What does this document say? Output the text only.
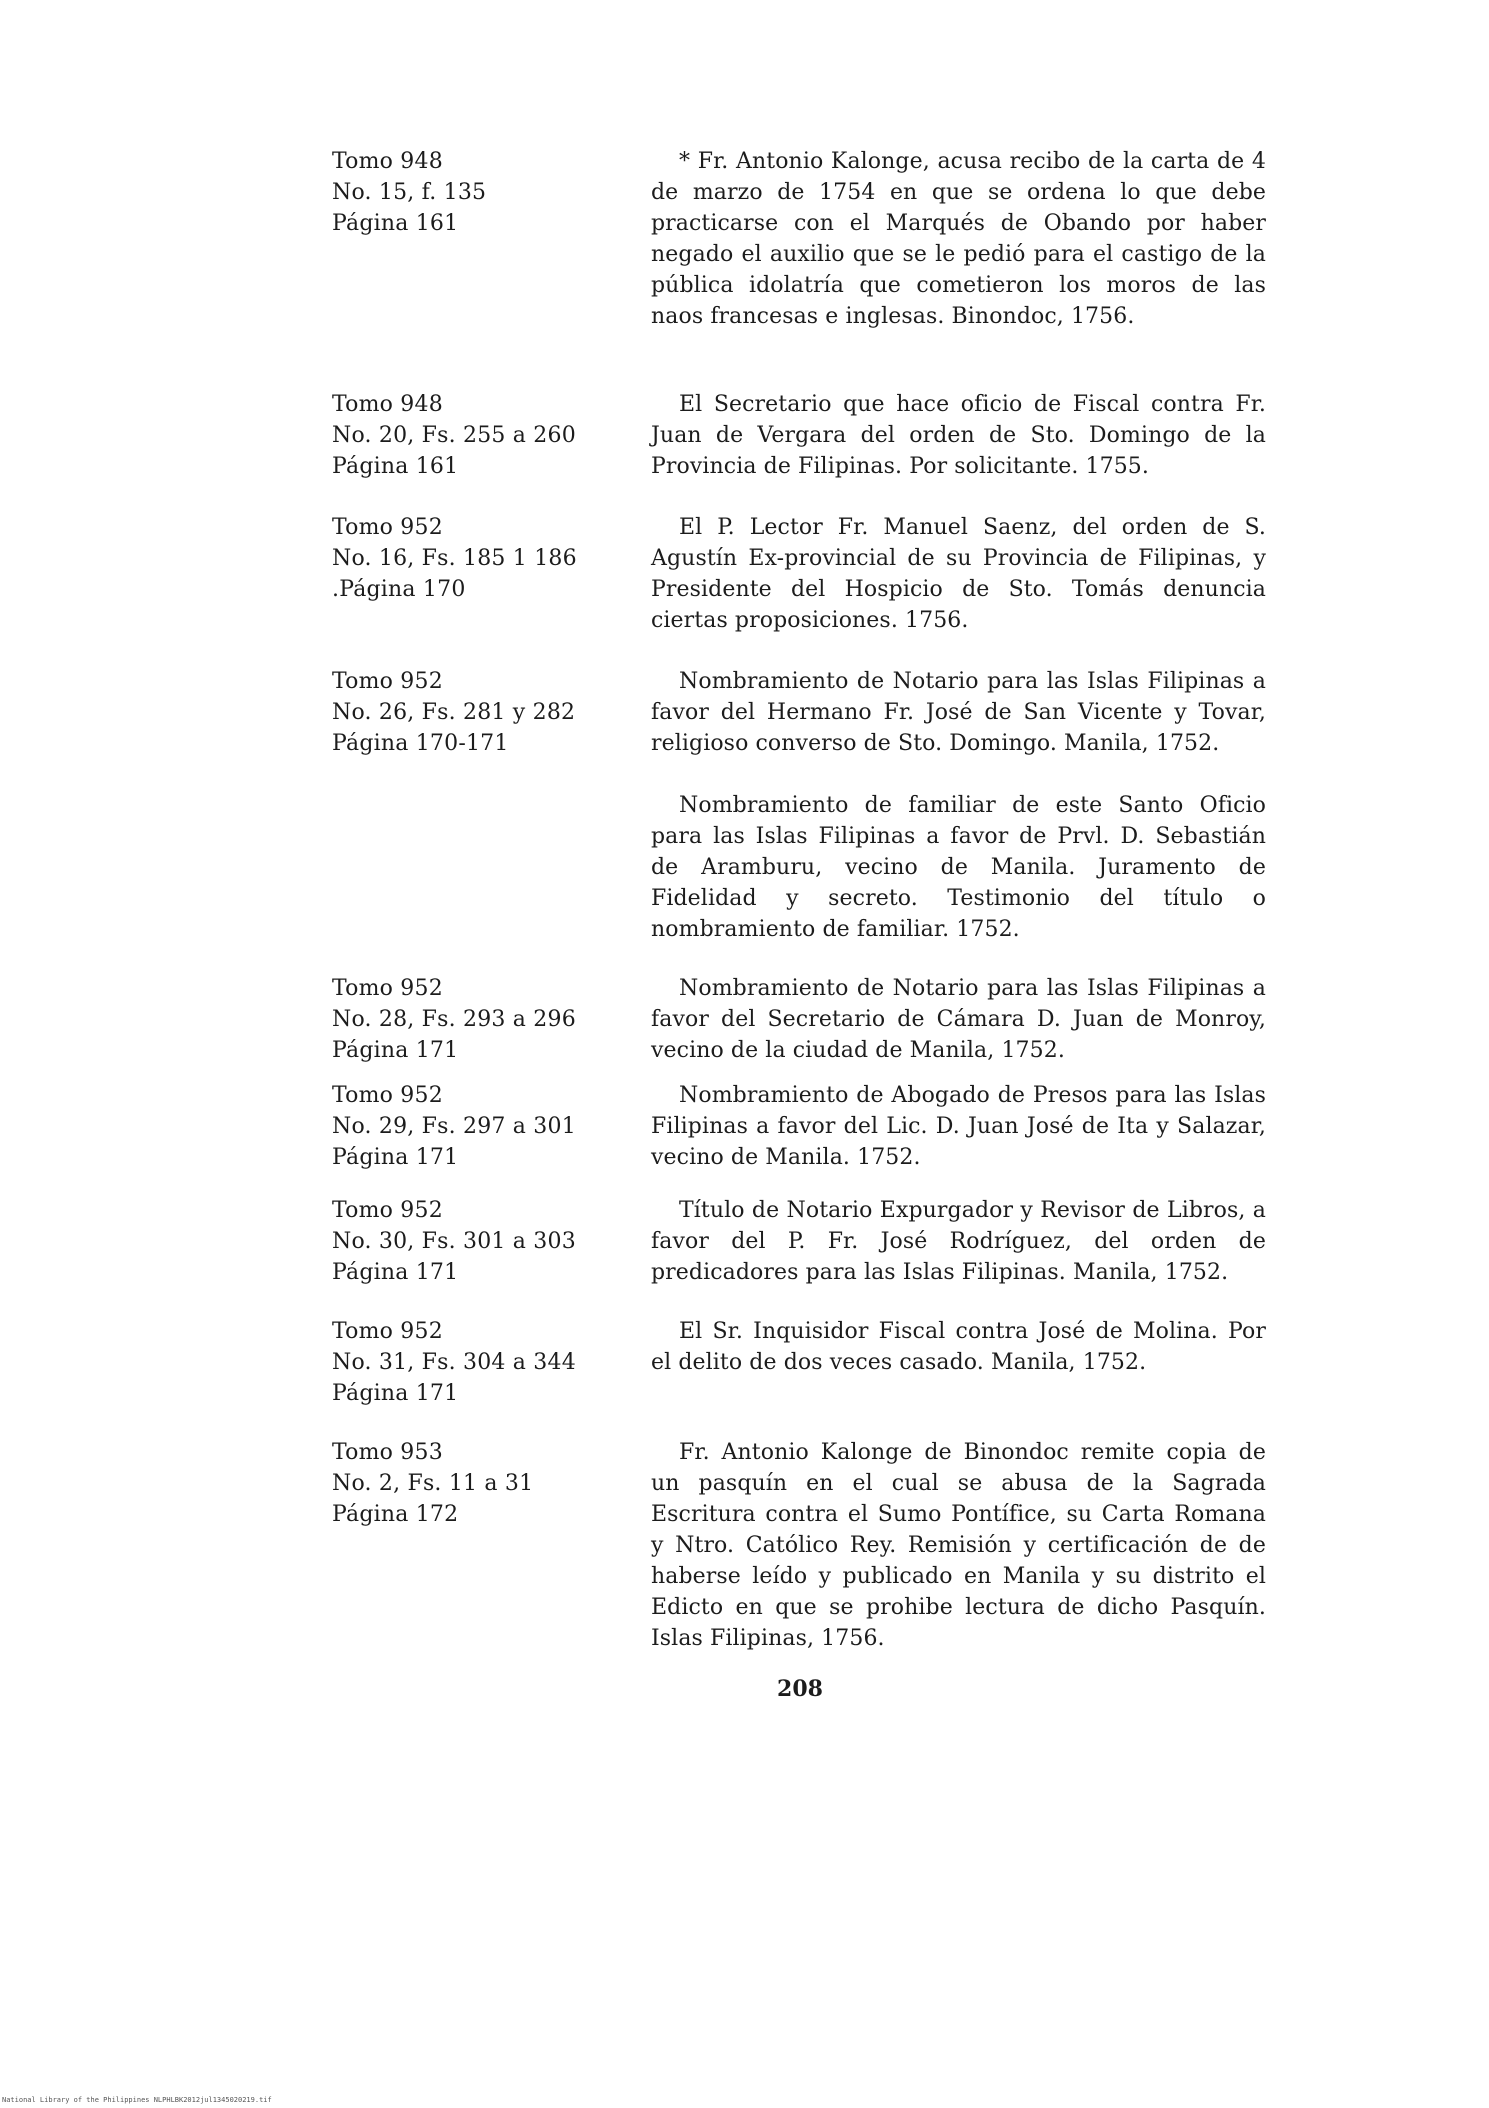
Tomo 948
No. 15, f. 135
Página 161
* Fr. Antonio Kalonge, acusa recibo de la carta de 4 de marzo de 1754 en que se ordena lo que debe practicarse con el Marqués de Obando por haber negado el auxilio que se le pedió para el castigo de la pública idolatría que cometieron los moros de las naos francesas e inglesas. Binondoc, 1756.
Tomo 948
No. 20, Fs. 255 a 260
Página 161
El Secretario que hace oficio de Fiscal contra Fr. Juan de Vergara del orden de Sto. Domingo de la Provincia de Filipinas. Por solicitante. 1755.
Tomo 952
No. 16, Fs. 185 1 186
.Página 170
El P. Lector Fr. Manuel Saenz, del orden de S. Agustín Ex-provincial de su Provincia de Filipinas, y Presidente del Hospicio de Sto. Tomás denuncia ciertas proposiciones. 1756.
Tomo 952
No. 26, Fs. 281 y 282
Página 170-171
Nombramiento de Notario para las Islas Filipinas a favor del Hermano Fr. José de San Vicente y Tovar, religioso converso de Sto. Domingo. Manila, 1752.
Nombramiento de familiar de este Santo Oficio para las Islas Filipinas a favor de Prvl. D. Sebastián de Aramburu, vecino de Manila. Juramento de Fidelidad y secreto. Testimonio del título o nombramiento de familiar. 1752.
Tomo 952
No. 28, Fs. 293 a 296
Página 171
Nombramiento de Notario para las Islas Filipinas a favor del Secretario de Cámara D. Juan de Monroy, vecino de la ciudad de Manila, 1752.
Tomo 952
No. 29, Fs. 297 a 301
Página 171
Nombramiento de Abogado de Presos para las Islas Filipinas a favor del Lic. D. Juan José de Ita y Salazar, vecino de Manila. 1752.
Tomo 952
No. 30, Fs. 301 a 303
Página 171
Título de Notario Expurgador y Revisor de Libros, a favor del P. Fr. José Rodríguez, del orden de predicadores para las Islas Filipinas. Manila, 1752.
Tomo 952
No. 31, Fs. 304 a 344
Página 171
El Sr. Inquisidor Fiscal contra José de Molina. Por el delito de dos veces casado. Manila, 1752.
Tomo 953
No. 2, Fs. 11 a 31
Página 172
Fr. Antonio Kalonge de Binondoc remite copia de un pasquín en el cual se abusa de la Sagrada Escritura contra el Sumo Pontífice, su Carta Romana y Ntro. Católico Rey. Remisión y certificación de de haberse leído y publicado en Manila y su distrito el Edicto en que se prohibe lectura de dicho Pasquín. Islas Filipinas, 1756.
208
National Library of the Philippines NLPHLBK2012jul1345020219.tif
